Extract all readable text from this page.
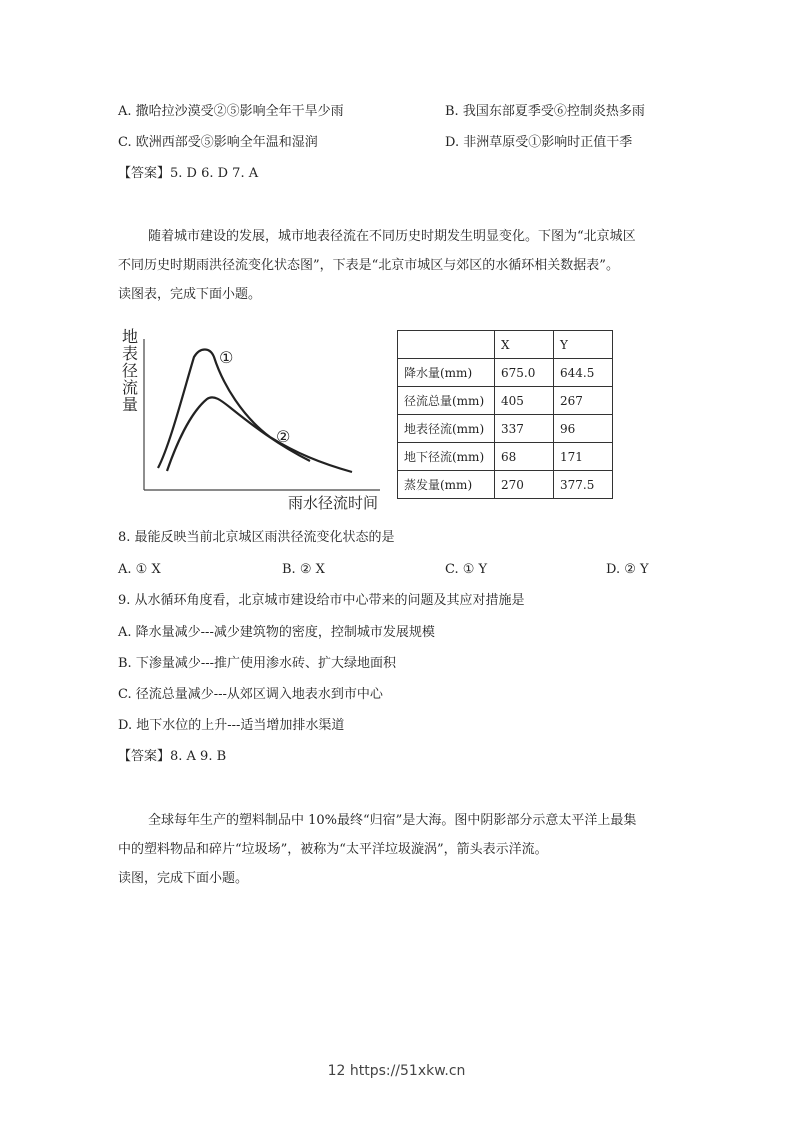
A. 撒哈拉沙漠受②⑤影响全年干旱少雨	B. 我国东部夏季受⑥控制炎热多雨
C. 欧洲西部受⑤影响全年温和湿润	D. 非洲草原受①影响时正值干季
【答案】5. D 6. D 7. A

随着城市建设的发展，城市地表径流在不同历史时期发生明显变化。下图为“北京城区

不同历史时期雨洪径流变化状态图”，下表是“北京市城区与郊区的水循环相关数据表”。

读图表，完成下面小题。

地
表
径
流
量
①
②
雨水径流时间
	X	Y
降水量(mm)	675.0	644.5
径流总量(mm)	405	267
地表径流(mm)	337	96
地下径流(mm)	68	171
蒸发量(mm)	270	377.5
8. 最能反映当前北京城区雨洪径流变化状态的是
A. ① X	B. ② X	C. ① Y	D. ② Y
9. 从水循环角度看，北京城市建设给市中心带来的问题及其应对措施是
A. 降水量减少---减少建筑物的密度，控制城市发展规模
B. 下渗量减少---推广使用渗水砖、扩大绿地面积
C. 径流总量减少---从郊区调入地表水到市中心
D. 地下水位的上升---适当增加排水渠道
【答案】8. A 9. B

全球每年生产的塑料制品中 10%最终“归宿”是大海。图中阴影部分示意太平洋上最集

中的塑料物品和碎片“垃圾场”，被称为“太平洋垃圾漩涡”，箭头表示洋流。

读图，完成下面小题。

12 https://51xkw.cn
